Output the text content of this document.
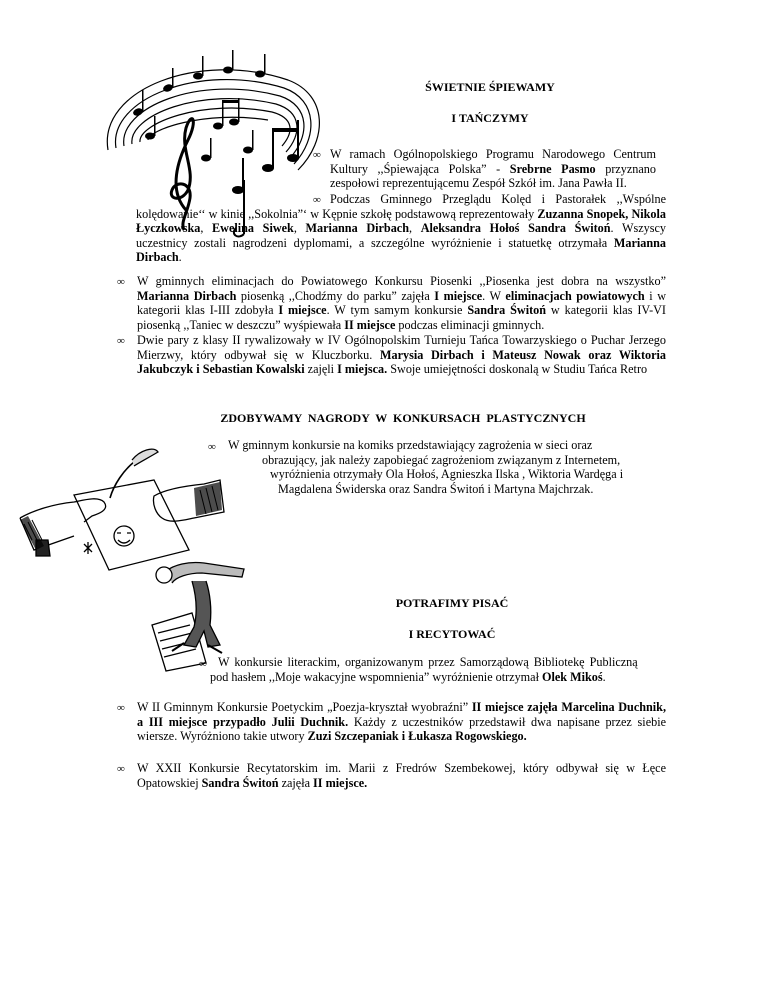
ŚWIETNIE ŚPIEWAMY
I TAŃCZYMY
∞ W ramach Ogólnopolskiego Programu Narodowego Centrum Kultury ,,Śpiewająca Polska” - Srebrne Pasmo przyznano zespołowi reprezentującemu Zespół Szkół im. Jana Pawła II.
∞ Podczas Gminnego Przeglądu Kolęd i Pastorałek ,,Wspólne kolędowanie‘‘ w kinie ,,Sokolnia”‘ w Kępnie szkołę podstawową reprezentowały Zuzanna Snopek, Nikola Łyczkowska, Ewelina Siwek, Marianna Dirbach, Aleksandra Hołoś Sandra Świtoń. Wszyscy uczestnicy zostali nagrodzeni dyplomami, a szczególne wyróżnienie i statuetkę otrzymała Marianna Dirbach.
∞ W gminnych eliminacjach do Powiatowego Konkursu Piosenki ,,Piosenka jest dobra na wszystko” Marianna Dirbach piosenką ,,Chodźmy do parku” zajęła I miejsce. W eliminacjach powiatowych i w kategorii klas I-III zdobyła I miejsce. W tym samym konkursie Sandra Świtoń w kategorii klas IV-VI piosenką ,,Taniec w deszczu” wyśpiewała II miejsce podczas eliminacji gminnych.
∞ Dwie pary z klasy II rywalizowały w IV Ogólnopolskim Turnieju Tańca Towarzyskiego o Puchar Jerzego Mierzwy, który odbywał się w Kluczborku. Marysia Dirbach i Mateusz Nowak oraz Wiktoria Jakubczyk i Sebastian Kowalski zajęli I miejsca. Swoje umiejętności doskonalą w Studiu Tańca Retro
ZDOBYWAMY NAGRODY W KONKURSACH PLASTYCZNYCH
∞ W gminnym konkursie na komiks przedstawiający zagrożenia w sieci oraz

obrazujący, jak należy zapobiegać zagrożeniom związanym z Internetem,

wyróżnienia otrzymały Ola Hołoś, Agnieszka Ilska , Wiktoria Wardęga i

Magdalena Świderska oraz Sandra Świtoń i Martyna Majchrzak.

POTRAFIMY PISAĆ
I RECYTOWAĆ
∞ W konkursie literackim, organizowanym przez Samorządową Bibliotekę Publiczną

pod hasłem ,,Moje wakacyjne wspomnienia” wyróżnienie otrzymał Olek Mikoś.

∞ W II Gminnym Konkursie Poetyckim „Poezja-kryształ wyobraźni” II miejsce zajęła Marcelina Duchnik, a III miejsce przypadło Julii Duchnik. Każdy z uczestników przedstawił dwa napisane przez siebie wiersze. Wyróżniono takie utwory Zuzi Szczepaniak i Łukasza Rogowskiego.
∞ W XXII Konkursie Recytatorskim im. Marii z Fredrów Szembekowej, który odbywał się w Łęce Opatowskiej Sandra Świtoń zajęła II miejsce.
